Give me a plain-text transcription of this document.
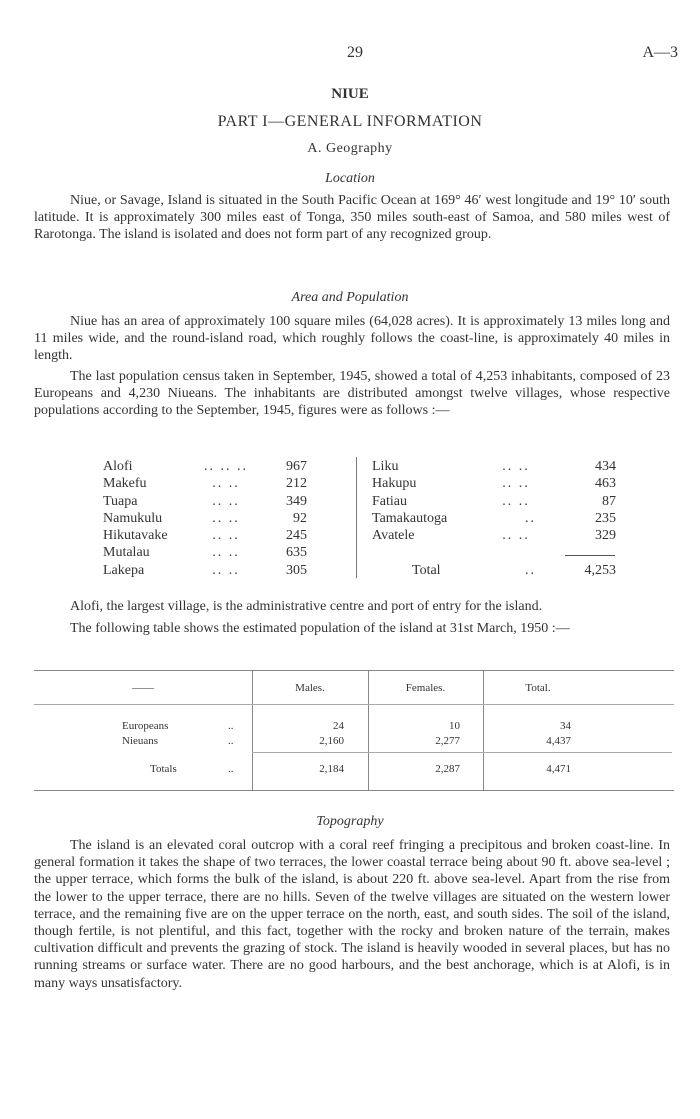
29	A—3
NIUE
PART I—GENERAL INFORMATION
A. Geography
Location

Niue, or Savage, Island is situated in the South Pacific Ocean at 169° 46′ west longitude and 19° 10′ south latitude. It is approximately 300 miles east of Tonga, 350 miles south-east of Samoa, and 580 miles west of Rarotonga. The island is isolated and does not form part of any recognized group.

Area and Population

Niue has an area of approximately 100 square miles (64,028 acres). It is approximately 13 miles long and 11 miles wide, and the round-island road, which roughly follows the coast-line, is approximately 40 miles in length.

The last population census taken in September, 1945, showed a total of 4,253 inhabitants, composed of 23 Europeans and 4,230 Niueans. The inhabitants are distributed amongst twelve villages, whose respective populations according to the September, 1945, figures were as follows :—

Alofi	.. .. ..	967
Makefu	.. ..	212
Tuapa	.. ..	349
Namukulu	.. ..	92
Hikutavake	.. ..	245
Mutalau	.. ..	635
Lakepa	.. ..	305
Liku	.. ..	434
Hakupu	.. ..	463
Fatiau	.. ..	87
Tamakautoga	..	235
Avatele	.. ..	329

Total	..	4,253

Alofi, the largest village, is the administrative centre and port of entry for the island.

The following table shows the estimated population of the island at 31st March, 1950 :—

——	Males.	Females.	Total.
Europeans	..	24	10	34
Nieuans	..	2,160	2,277	4,437
Totals	..	2,184	2,287	4,471
Topography

The island is an elevated coral outcrop with a coral reef fringing a precipitous and broken coast-line. In general formation it takes the shape of two terraces, the lower coastal terrace being about 90 ft. above sea-level ; the upper terrace, which forms the bulk of the island, is about 220 ft. above sea-level. Apart from the rise from the lower to the upper terrace, there are no hills. Seven of the twelve villages are situated on the western lower terrace, and the remaining five are on the upper terrace on the north, east, and south sides. The soil of the island, though fertile, is not plentiful, and this fact, together with the rocky and broken nature of the terrain, makes cultivation difficult and prevents the grazing of stock. The island is heavily wooded in several places, but has no running streams or surface water. There are no good harbours, and the best anchorage, which is at Alofi, is in many ways unsatisfactory.
